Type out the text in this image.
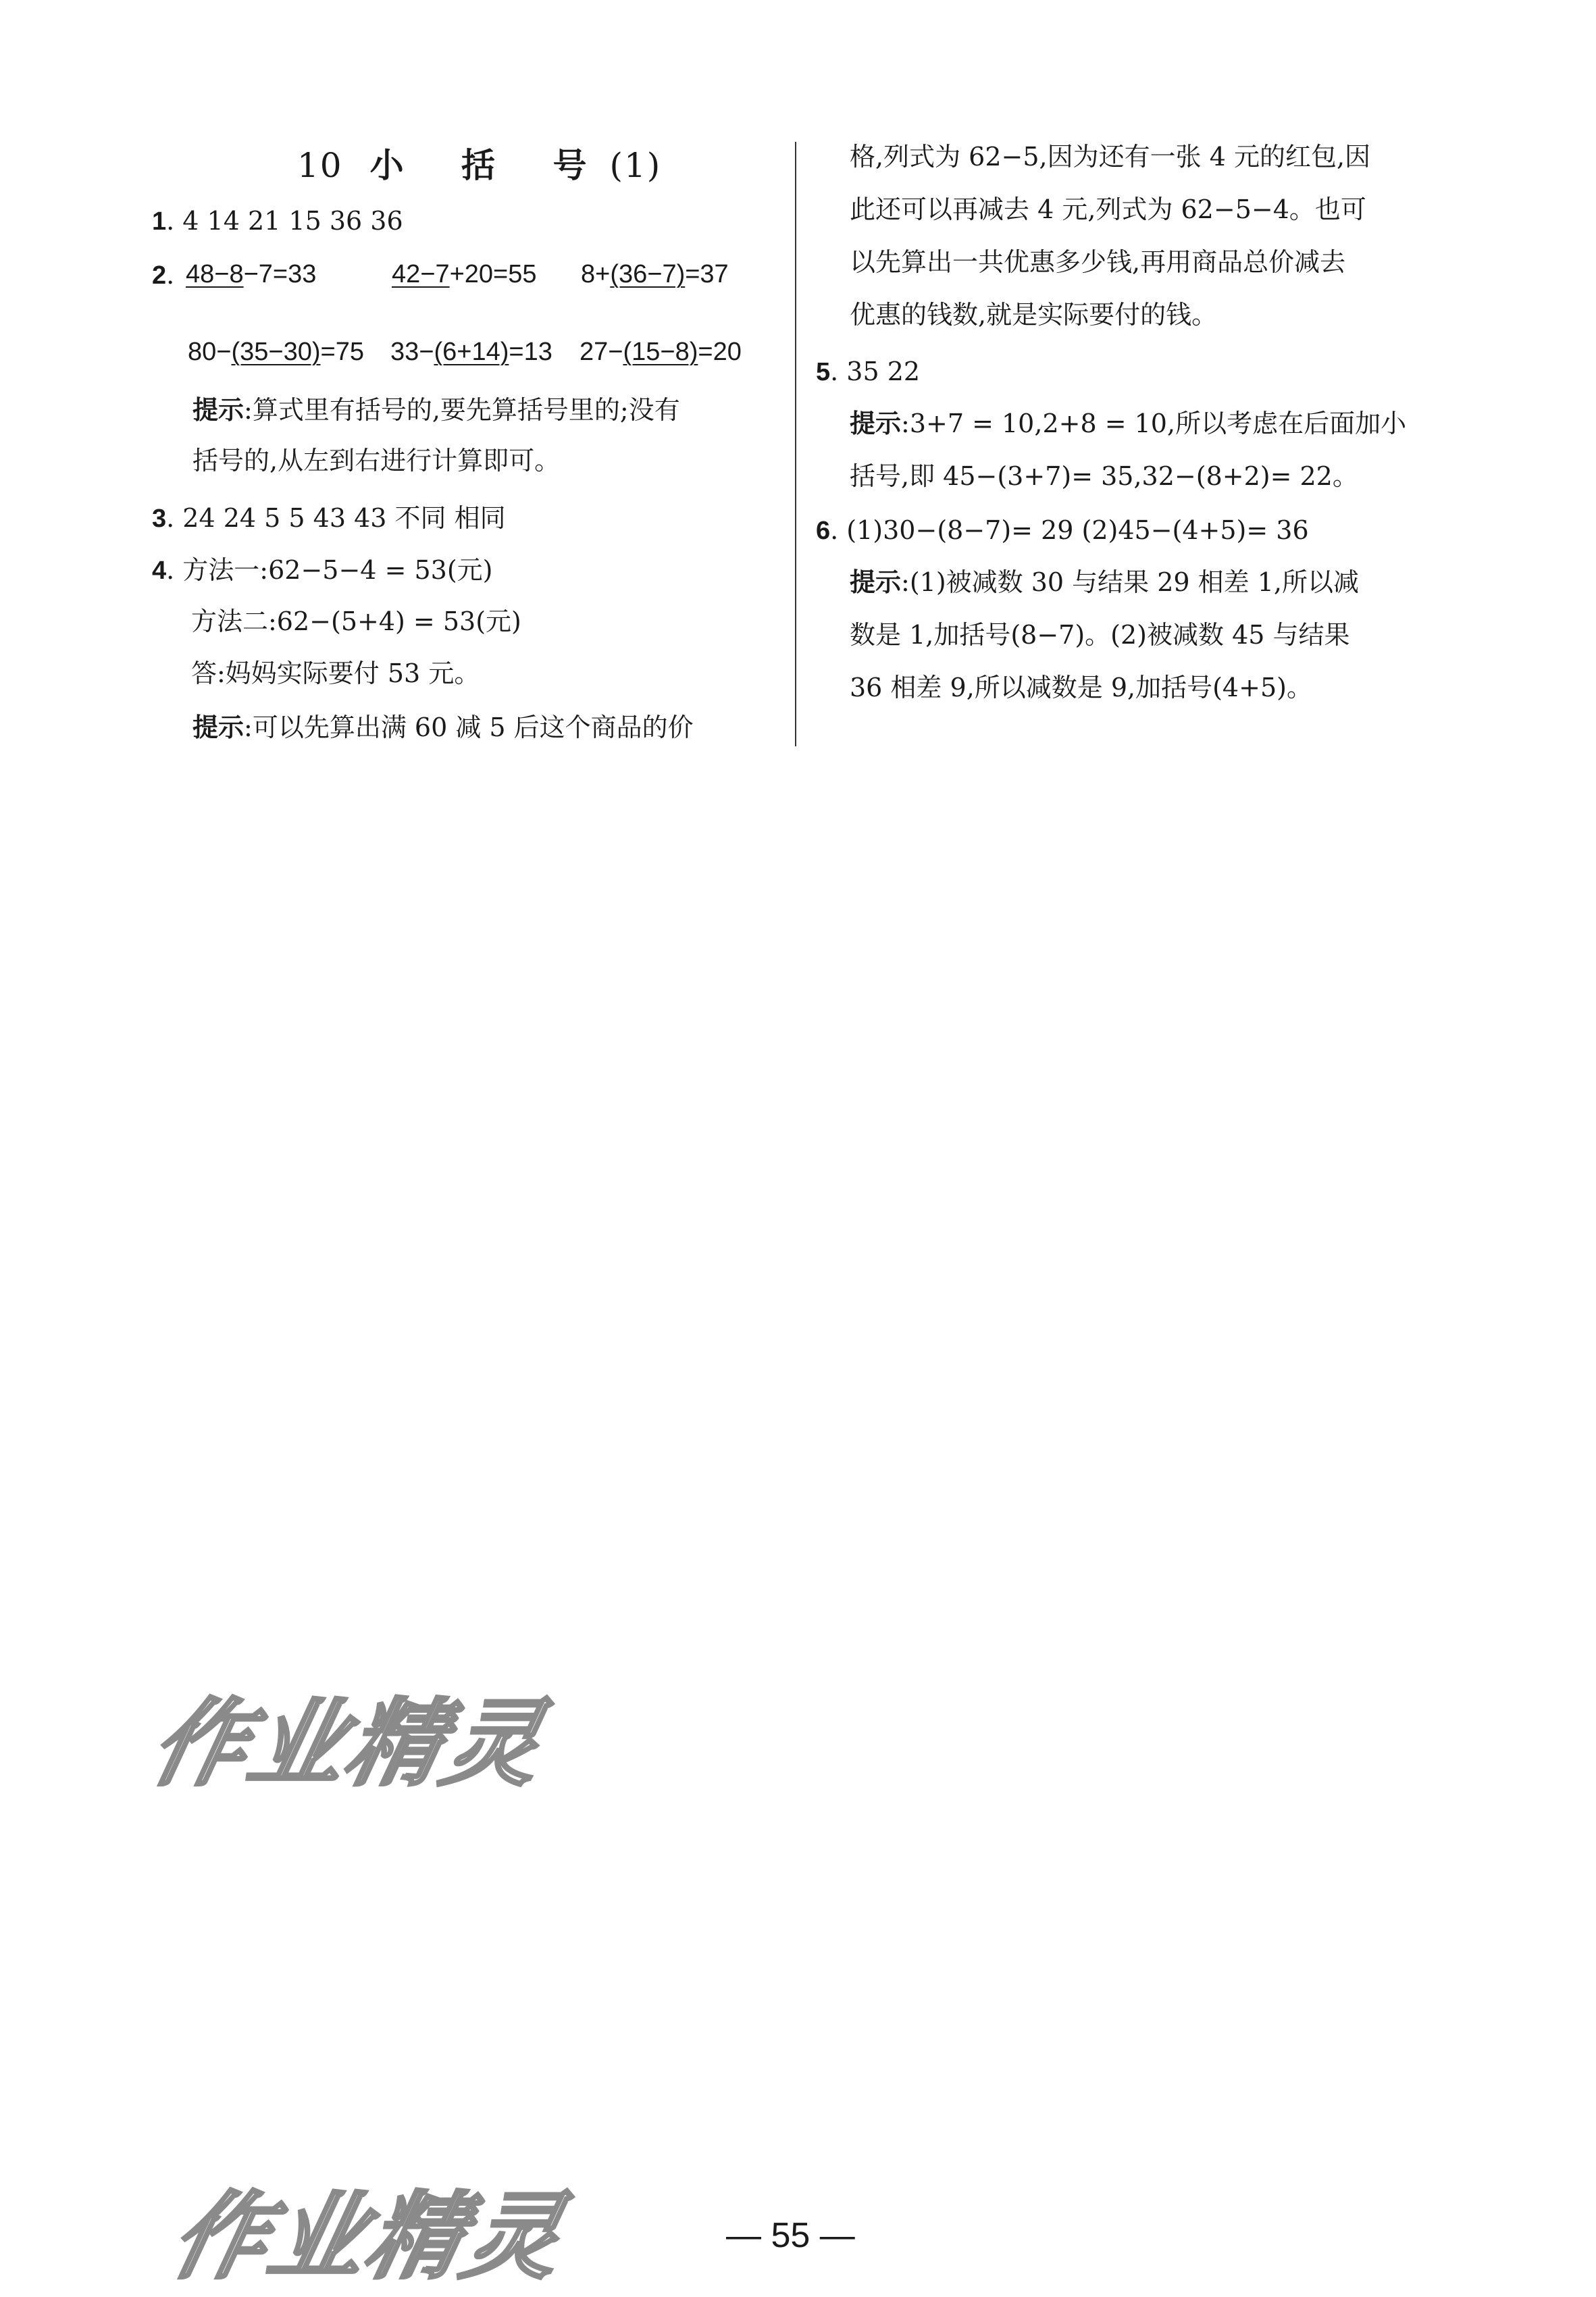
10 小 括 号(1)
1. 4 14 21 15 36 36
2. 48−8−7=33	42−7+20=55 8+(36−7)=37
80−(35−30)=75 33−(6+14)=13 27−(15−8)=20
提示:算式里有括号的,要先算括号里的;没有
括号的,从左到右进行计算即可。
3. 24 24 5 5 43 43 不同 相同
4. 方法一:62−5−4 = 53(元)
方法二:62−(5+4) = 53(元)
答:妈妈实际要付 53 元。
提示:可以先算出满 60 减 5 后这个商品的价
格,列式为 62−5,因为还有一张 4 元的红包,因
此还可以再减去 4 元,列式为 62−5−4。也可
以先算出一共优惠多少钱,再用商品总价减去
优惠的钱数,就是实际要付的钱。
5. 35 22
提示:3+7 = 10,2+8 = 10,所以考虑在后面加小
括号,即 45−(3+7)= 35,32−(8+2)= 22。
6. (1)30−(8−7)= 29 (2)45−(4+5)= 36
提示:(1)被减数 30 与结果 29 相差 1,所以减
数是 1,加括号(8−7)。(2)被减数 45 与结果
36 相差 9,所以减数是 9,加括号(4+5)。
作业精灵
作业精灵	— 55 —
